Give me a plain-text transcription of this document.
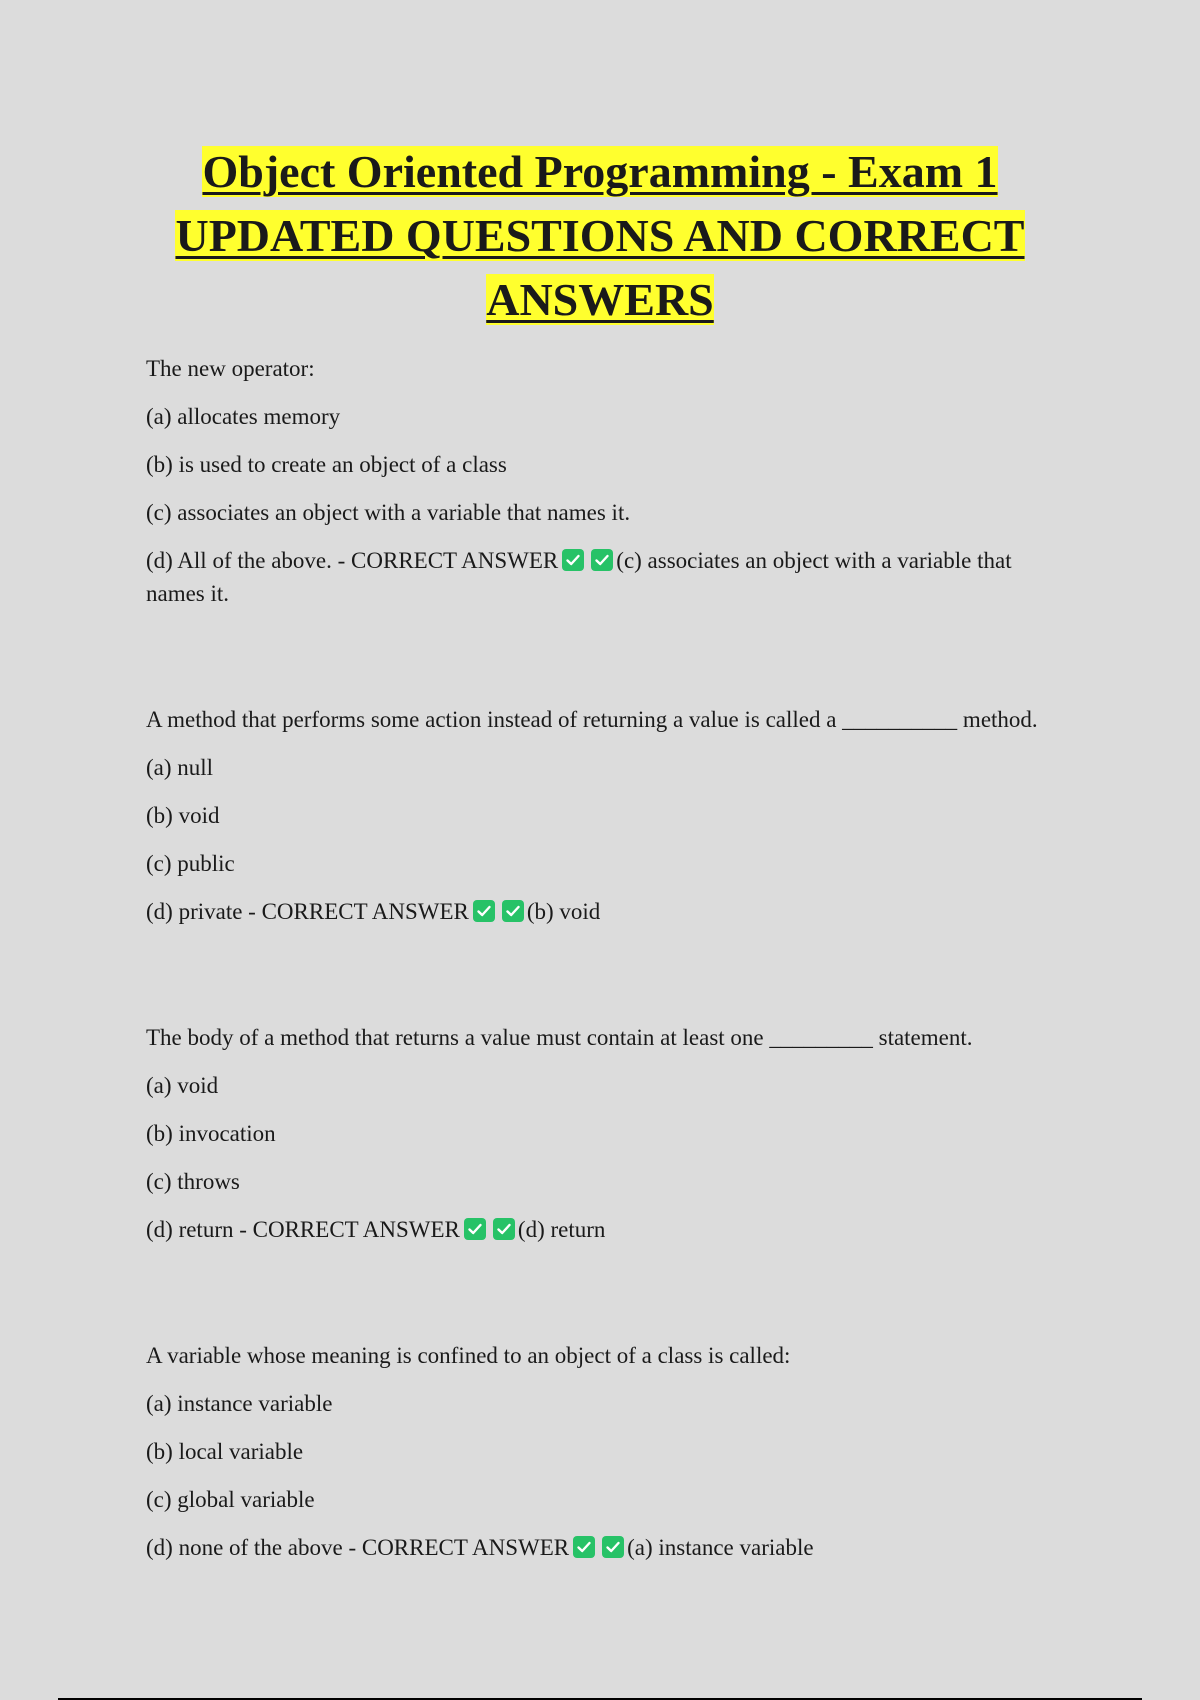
Object Oriented Programming - Exam 1
UPDATED QUESTIONS AND CORRECT
ANSWERS

The new operator:

(a) allocates memory

(b) is used to create an object of a class

(c) associates an object with a variable that names it.

(d) All of the above. - CORRECT ANSWER	(c) associates an object with a variable that names it.

A method that performs some action instead of returning a value is called a __________ method.

(a) null

(b) void

(c) public

(d) private - CORRECT ANSWER	(b) void

The body of a method that returns a value must contain at least one _________ statement.

(a) void

(b) invocation

(c) throws

(d) return - CORRECT ANSWER	(d) return

A variable whose meaning is confined to an object of a class is called:

(a) instance variable

(b) local variable

(c) global variable

(d) none of the above - CORRECT ANSWER	(a) instance variable
